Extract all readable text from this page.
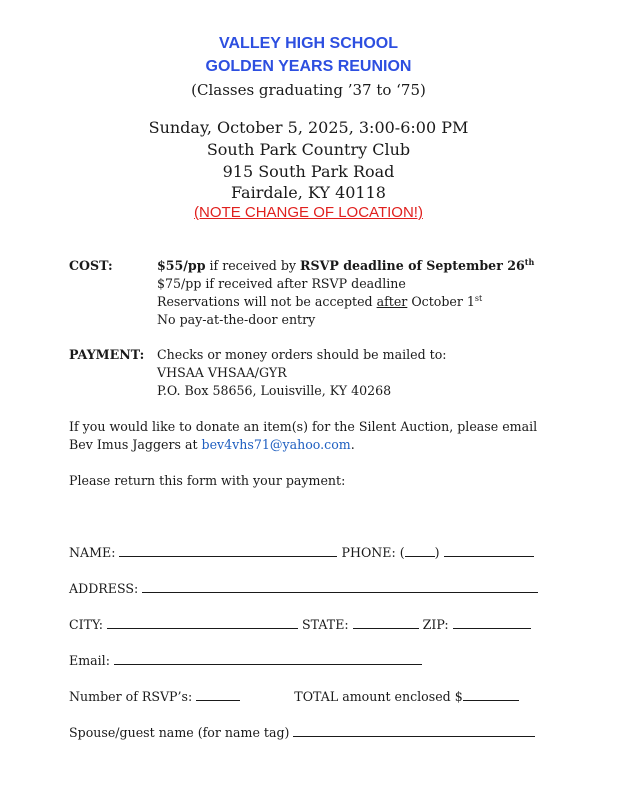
VALLEY HIGH SCHOOL
GOLDEN YEARS REUNION
(Classes graduating ’37 to ‘75)
Sunday, October 5, 2025, 3:00-6:00 PM
South Park Country Club
915 South Park Road
Fairdale, KY 40118
(NOTE CHANGE OF LOCATION!)
COST:	$55/pp if received by RSVP deadline of September 26th
$75/pp if received after RSVP deadline
Reservations will not be accepted after October 1st
No pay-at-the-door entry
PAYMENT: Checks or money orders should be mailed to:
VHSAA VHSAA/GYR
P.O. Box 58656, Louisville, KY 40268
If you would like to donate an item(s) for the Silent Auction, please email
Bev Imus Jaggers at bev4vhs71@yahoo.com.
Please return this form with your payment:
NAME:	PHONE: ( )
ADDRESS:
CITY:	STATE:	ZIP:
Email:
Number of RSVP’s:	TOTAL amount enclosed $
Spouse/guest name (for name tag)
